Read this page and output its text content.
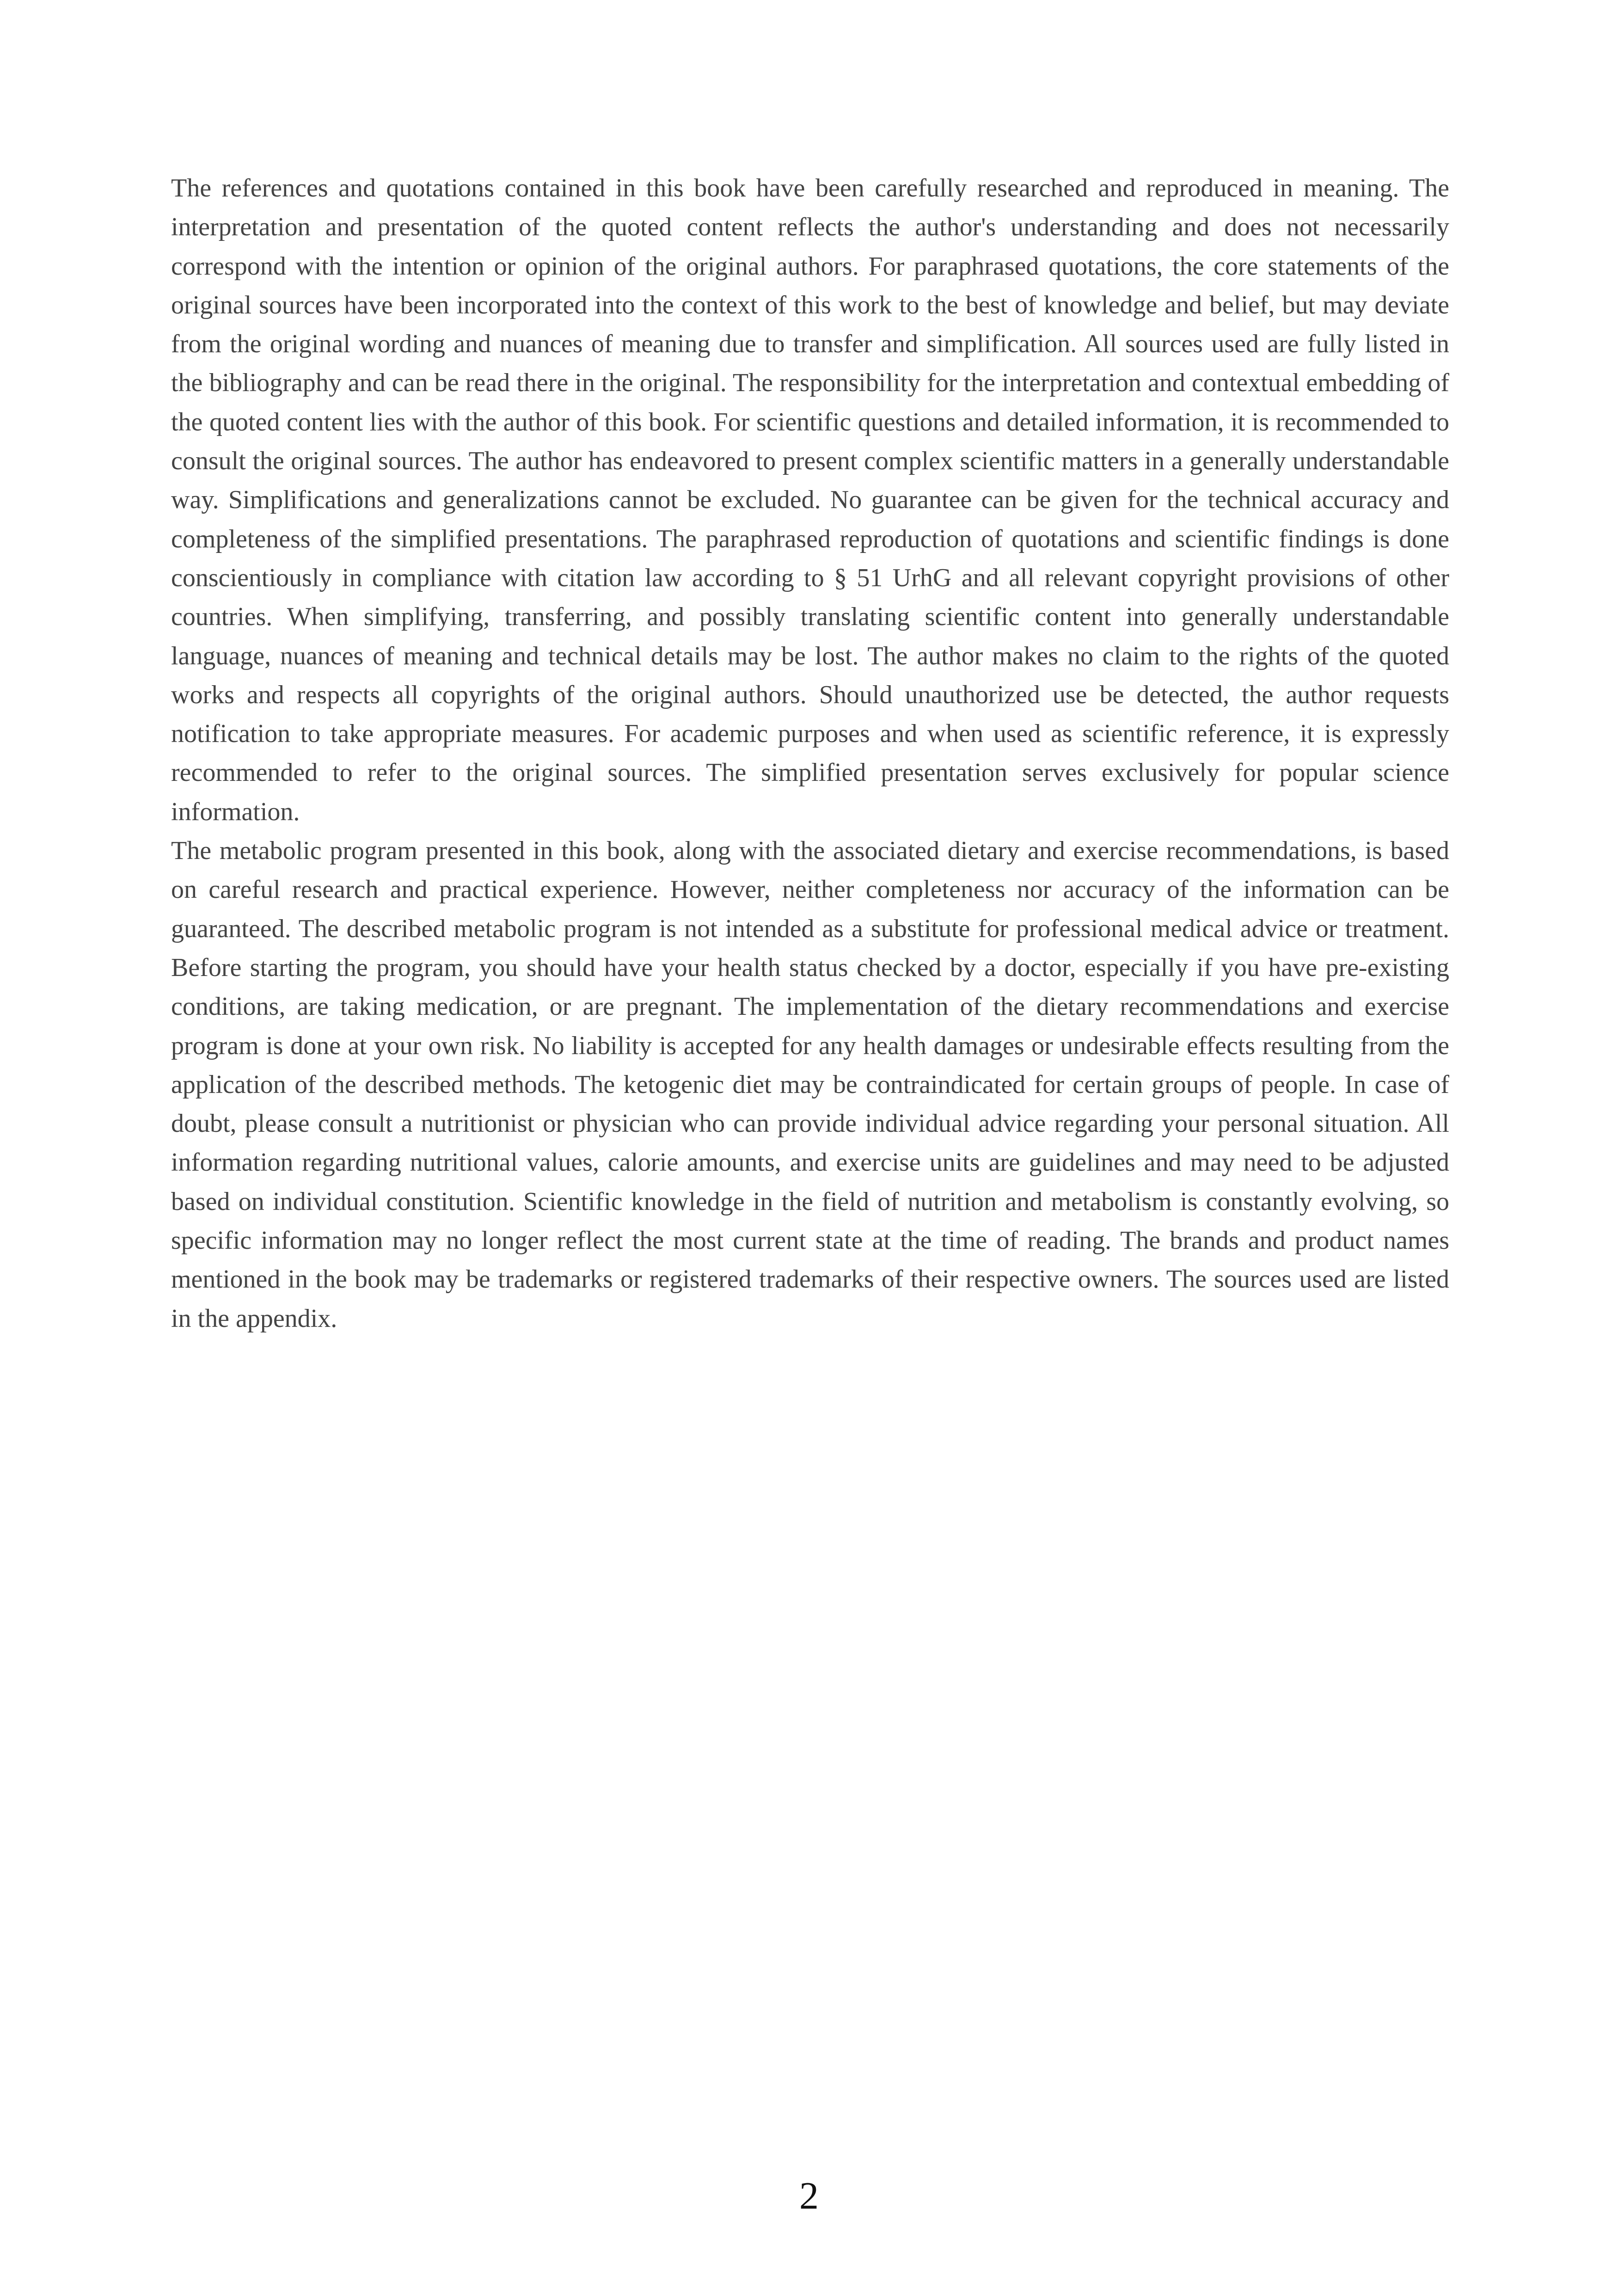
The references and quotations contained in this book have been carefully researched and reproduced in meaning. The interpretation and presentation of the quoted content reflects the author's understanding and does not necessarily correspond with the intention or opinion of the original authors. For paraphrased quotations, the core statements of the original sources have been incorporated into the context of this work to the best of knowledge and belief, but may deviate from the original wording and nuances of meaning due to transfer and simplification. All sources used are fully listed in the bibliography and can be read there in the original. The responsibility for the interpretation and contextual embedding of the quoted content lies with the author of this book. For scientific questions and detailed information, it is recommended to consult the original sources. The author has endeavored to present complex scientific matters in a generally understandable way. Simplifications and generalizations cannot be excluded. No guarantee can be given for the technical accuracy and completeness of the simplified presentations. The paraphrased reproduction of quotations and scientific findings is done conscientiously in compliance with citation law according to § 51 UrhG and all relevant copyright provisions of other countries. When simplifying, transferring, and possibly translating scientific content into generally understandable language, nuances of meaning and technical details may be lost. The author makes no claim to the rights of the quoted works and respects all copyrights of the original authors. Should unauthorized use be detected, the author requests notification to take appropriate measures. For academic purposes and when used as scientific reference, it is expressly recommended to refer to the original sources. The simplified presentation serves exclusively for popular science information.

The metabolic program presented in this book, along with the associated dietary and exercise recommendations, is based on careful research and practical experience. However, neither completeness nor accuracy of the information can be guaranteed. The described metabolic program is not intended as a substitute for professional medical advice or treatment. Before starting the program, you should have your health status checked by a doctor, especially if you have pre-existing conditions, are taking medication, or are pregnant. The implementation of the dietary recommendations and exercise program is done at your own risk. No liability is accepted for any health damages or undesirable effects resulting from the application of the described methods. The ketogenic diet may be contraindicated for certain groups of people. In case of doubt, please consult a nutritionist or physician who can provide individual advice regarding your personal situation. All information regarding nutritional values, calorie amounts, and exercise units are guidelines and may need to be adjusted based on individual constitution. Scientific knowledge in the field of nutrition and metabolism is constantly evolving, so specific information may no longer reflect the most current state at the time of reading. The brands and product names mentioned in the book may be trademarks or registered trademarks of their respective owners. The sources used are listed in the appendix.

2
